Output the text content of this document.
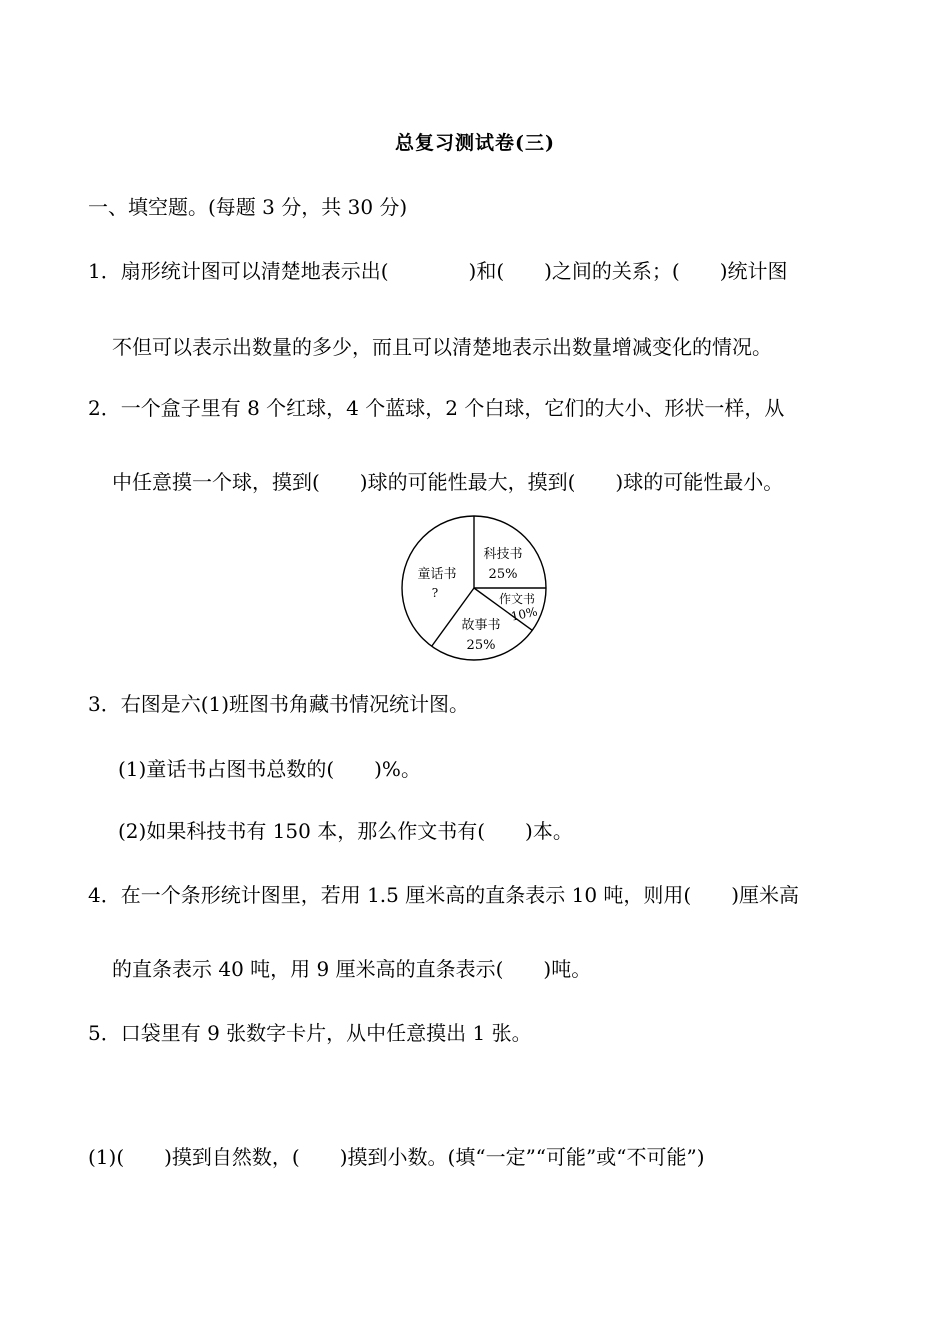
总复习测试卷(三)
一、填空题。(每题 3 分，共 30 分)
1．扇形统计图可以清楚地表示出(　　　　)和(　　)之间的关系；(　　)统计图
不但可以表示出数量的多少，而且可以清楚地表示出数量增减变化的情况。
2．一个盒子里有 8 个红球，4 个蓝球，2 个白球，它们的大小、形状一样，从
中任意摸一个球，摸到(　　)球的可能性最大，摸到(　　)球的可能性最小。
科技书
25%
作文书
10%
故事书
25%
童话书
?
3．右图是六(1)班图书角藏书情况统计图。
(1)童话书占图书总数的(　　)%。
(2)如果科技书有 150 本，那么作文书有(　　)本。
4．在一个条形统计图里，若用 1.5 厘米高的直条表示 10 吨，则用(　　)厘米高
的直条表示 40 吨，用 9 厘米高的直条表示(　　)吨。
5．口袋里有 9 张数字卡片，从中任意摸出 1 张。
(1)(　　)摸到自然数，(　　)摸到小数。(填“一定”“可能”或“不可能”)
